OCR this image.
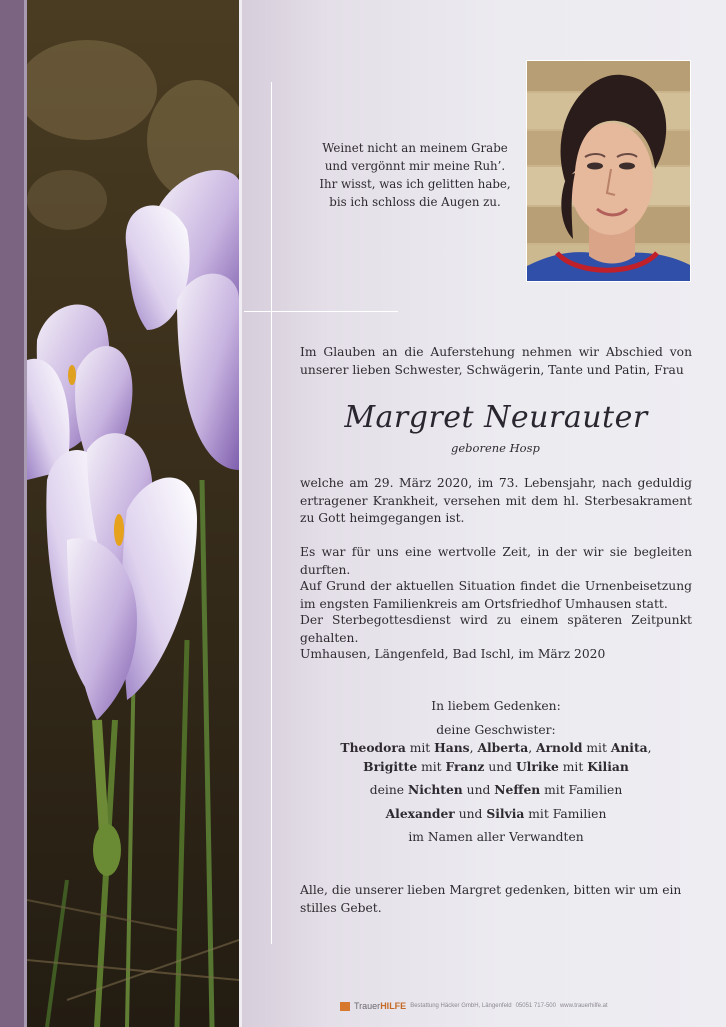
Weinet nicht an meinem Grabe
und vergönnt mir meine Ruh’.
Ihr wisst, was ich gelitten habe,
bis ich schloss die Augen zu.
Im Glauben an die Auferstehung nehmen wir Abschied von unserer lieben Schwester, Schwägerin, Tante und Patin, Frau
Margret Neurauter
geborene Hosp
welche am 29. März 2020, im 73. Lebensjahr, nach geduldig ertragener Krankheit, versehen mit dem hl. Sterbesakrament zu Gott heimgegangen ist.
Es war für uns eine wertvolle Zeit, in der wir sie begleiten durften.
Auf Grund der aktuellen Situation findet die Urnenbeisetzung im engsten Familienkreis am Ortsfriedhof Umhausen statt.
Der Sterbegottesdienst wird zu einem späteren Zeitpunkt gehalten.
Umhausen, Längenfeld, Bad Ischl, im März 2020
In liebem Gedenken:
deine Geschwister:
Theodora mit Hans, Alberta, Arnold mit Anita,
Brigitte mit Franz und Ulrike mit Kilian
deine Nichten und Neffen mit Familien
Alexander und Silvia mit Familien
im Namen aller Verwandten
Alle, die unserer lieben Margret gedenken, bitten wir um ein stilles Gebet.
TrauerHILFE Bestattung Häcker GmbH, Längenfeld 05051 717-500 www.trauerhilfe.at
